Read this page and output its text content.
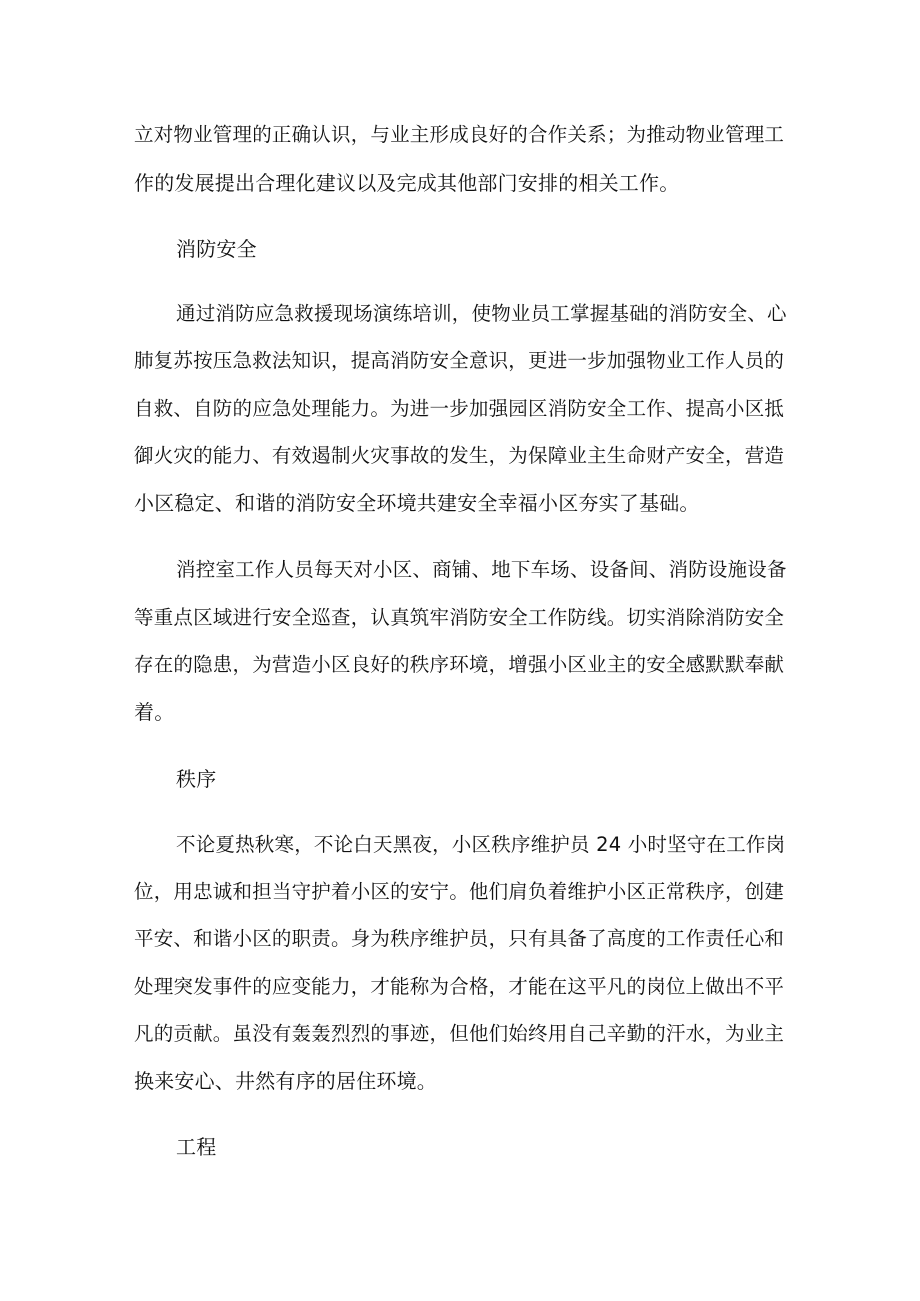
立对物业管理的正确认识，与业主形成良好的合作关系；为推动物业管理工
作的发展提出合理化建议以及完成其他部门安排的相关工作。
消防安全
通过消防应急救援现场演练培训，使物业员工掌握基础的消防安全、心
肺复苏按压急救法知识，提高消防安全意识，更进一步加强物业工作人员的
自救、自防的应急处理能力。为进一步加强园区消防安全工作、提高小区抵
御火灾的能力、有效遏制火灾事故的发生，为保障业主生命财产安全，营造
小区稳定、和谐的消防安全环境共建安全幸福小区夯实了基础。
消控室工作人员每天对小区、商铺、地下车场、设备间、消防设施设备
等重点区域进行安全巡查，认真筑牢消防安全工作防线。切实消除消防安全
存在的隐患，为营造小区良好的秩序环境，增强小区业主的安全感默默奉献
着。
秩序
不论夏热秋寒，不论白天黑夜，小区秩序维护员 24 小时坚守在工作岗
位，用忠诚和担当守护着小区的安宁。他们肩负着维护小区正常秩序，创建
平安、和谐小区的职责。身为秩序维护员，只有具备了高度的工作责任心和
处理突发事件的应变能力，才能称为合格，才能在这平凡的岗位上做出不平
凡的贡献。虽没有轰轰烈烈的事迹，但他们始终用自己辛勤的汗水，为业主
换来安心、井然有序的居住环境。
工程
